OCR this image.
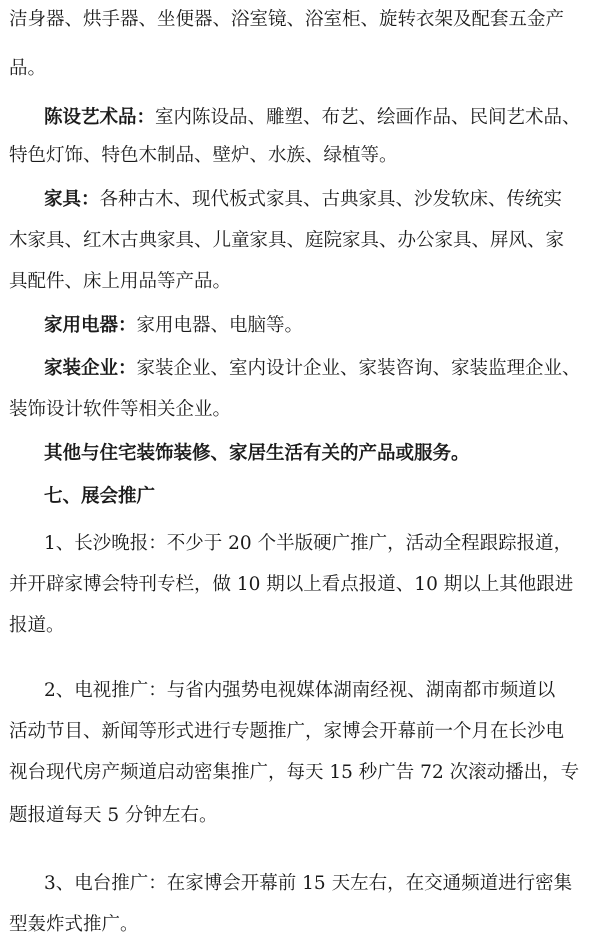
洁身器、烘手器、坐便器、浴室镜、浴室柜、旋转衣架及配套五金产
品。
陈设艺术品：室内陈设品、雕塑、布艺、绘画作品、民间艺术品、
特色灯饰、特色木制品、壁炉、水族、绿植等。
家具：各种古木、现代板式家具、古典家具、沙发软床、传统实
木家具、红木古典家具、儿童家具、庭院家具、办公家具、屏风、家
具配件、床上用品等产品。
家用电器：家用电器、电脑等。
家装企业：家装企业、室内设计企业、家装咨询、家装监理企业、
装饰设计软件等相关企业。
其他与住宅装饰装修、家居生活有关的产品或服务。
七、展会推广
1、长沙晚报：不少于 20 个半版硬广推广，活动全程跟踪报道，
并开辟家博会特刊专栏，做 10 期以上看点报道、10 期以上其他跟进
报道。
2、电视推广：与省内强势电视媒体湖南经视、湖南都市频道以
活动节目、新闻等形式进行专题推广，家博会开幕前一个月在长沙电
视台现代房产频道启动密集推广，每天 15 秒广告 72 次滚动播出，专
题报道每天 5 分钟左右。
3、电台推广：在家博会开幕前 15 天左右，在交通频道进行密集
型轰炸式推广。
